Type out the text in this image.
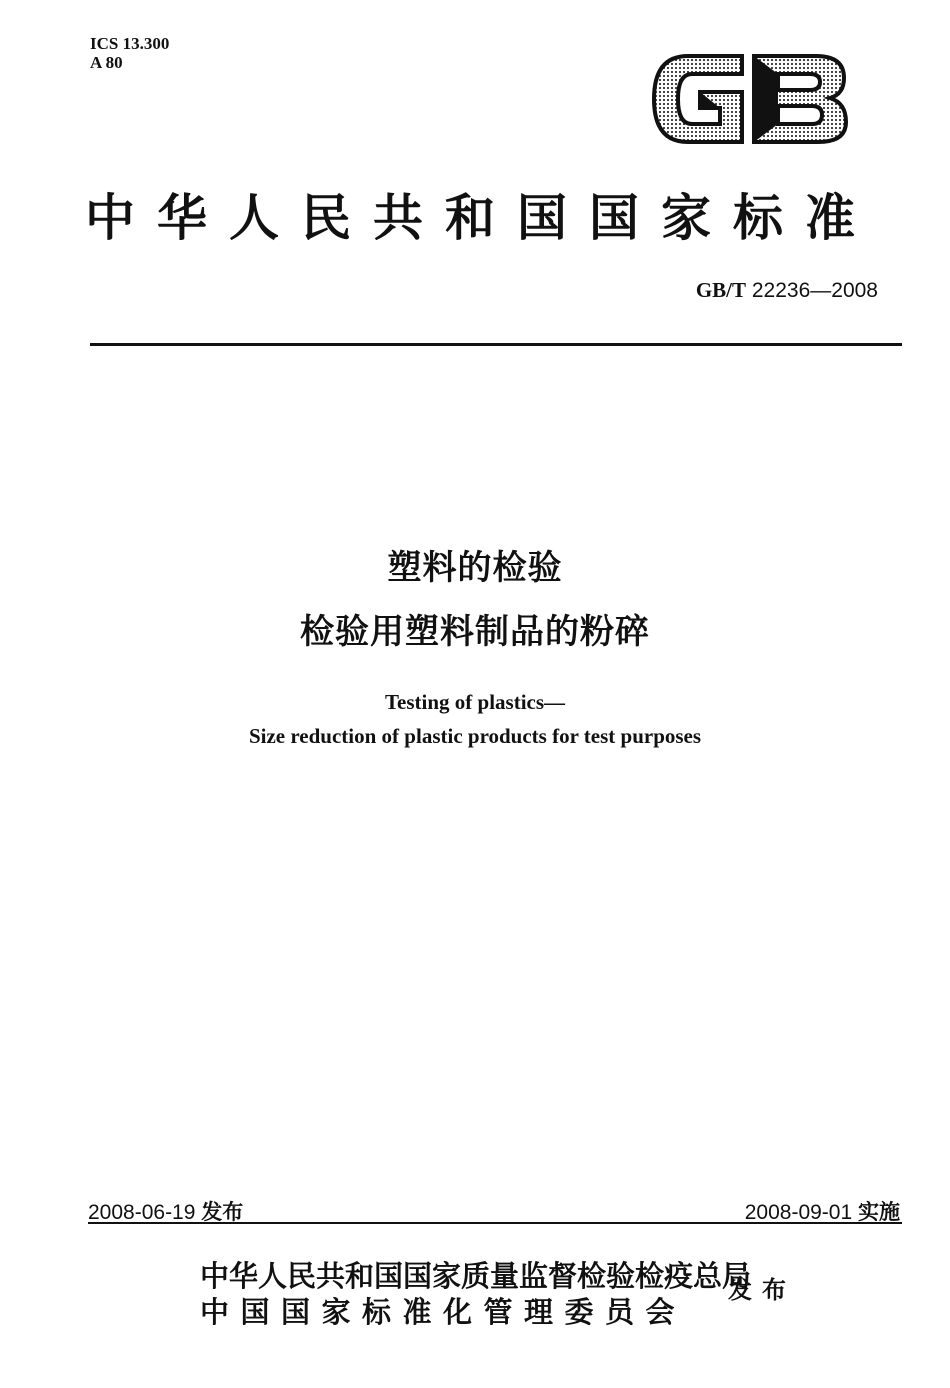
ICS 13.300
A 80
中华人民共和国国家标准
GB/T 22236—2008
塑料的检验
检验用塑料制品的粉碎
Testing of plastics—
Size reduction of plastic products for test purposes
2008-06-19 发布	2008-09-01 实施
中华人民共和国国家质量监督检验检疫总局
中国国家标准化管理委员会
发布
